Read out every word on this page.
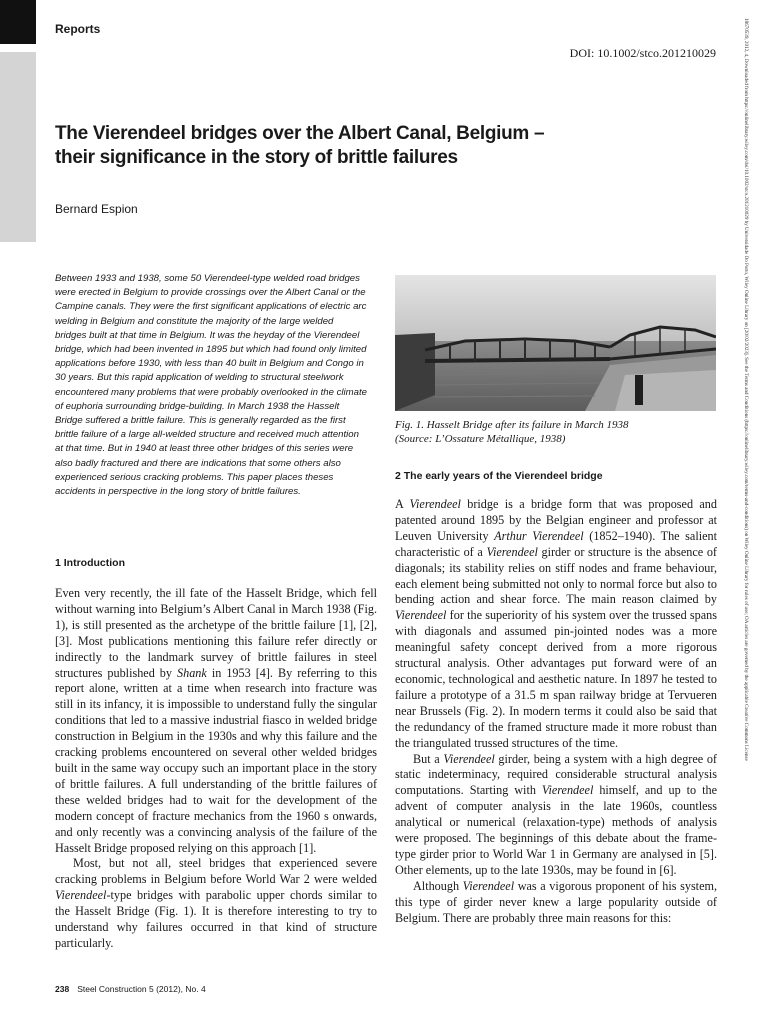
Reports
DOI: 10.1002/stco.201210029
The Vierendeel bridges over the Albert Canal, Belgium –
their significance in the story of brittle failures
Bernard Espion

Between 1933 and 1938, some 50 Vierendeel-type welded road bridges were erected in Belgium to provide crossings over the Albert Canal or the Campine canals. They were the first significant applications of electric arc welding in Belgium and constitute the majority of the large welded bridges built at that time in Belgium. It was the heyday of the Vierendeel bridge, which had been invented in 1895 but which had found only limited applications before 1930, with less than 40 built in Belgium and Congo in 30 years. But this rapid application of welding to structural steelwork encountered many problems that were probably overlooked in the climate of euphoria surrounding bridge-building. In March 1938 the Hasselt Bridge suffered a brittle failure. This is generally regarded as the first brittle failure of a large all-welded structure and received much attention at that time. But in 1940 at least three other bridges of this series were also badly fractured and there are indications that some others also experienced serious cracking problems. This paper places theses accidents in perspective in the long story of brittle failures.

1 Introduction

Even very recently, the ill fate of the Hasselt Bridge, which fell without warning into Belgium’s Albert Canal in March 1938 (Fig. 1), is still presented as the archetype of the brittle failure [1], [2], [3]. Most publications mentioning this failure refer directly or indirectly to the landmark survey of brittle failures in steel structures published by Shank in 1953 [4]. By referring to this report alone, written at a time when research into fracture was still in its infancy, it is impossible to understand fully the singular conditions that led to a massive industrial fiasco in welded bridge construction in Belgium in the 1930s and why this failure and the cracking problems encountered on several other welded bridges built in the same way occupy such an important place in the story of brittle failures. A full understanding of the brittle failures of these welded bridges had to wait for the development of the modern concept of fracture mechanics from the 1960 s onwards, and only recently was a convincing analysis of the failure of the Hasselt Bridge proposed relying on this approach [1].

Most, but not all, steel bridges that experienced severe cracking problems in Belgium before World War 2 were welded Vierendeel-type bridges with parabolic upper chords similar to the Hasselt Bridge (Fig. 1). It is therefore interesting to try to understand why failures occurred in that kind of structure particularly.

Fig. 1. Hasselt Bridge after its failure in March 1938
(Source: L’Ossature Métallique, 1938)
2 The early years of the Vierendeel bridge

A Vierendeel bridge is a bridge form that was proposed and patented around 1895 by the Belgian engineer and professor at Leuven University Arthur Vierendeel (1852–1940). The salient characteristic of a Vierendeel girder or structure is the absence of diagonals; its stability relies on stiff nodes and frame behaviour, each element being submitted not only to normal force but also to bending action and shear force. The main reason claimed by Vierendeel for the superiority of his system over the trussed spans with diagonals and assumed pin-jointed nodes was a more meaningful safety concept derived from a more rigorous structural analysis. Other advantages put forward were of an economic, technological and aesthetic nature. In 1897 he tested to failure a prototype of a 31.5 m span railway bridge at Tervueren near Brussels (Fig. 2). In modern terms it could also be said that the redundancy of the framed structure made it more robust than the triangulated trussed structures of the time.

But a Vierendeel girder, being a system with a high degree of static indeterminacy, required considerable structural analysis computations. Starting with Vierendeel himself, and up to the advent of computer analysis in the late 1960s, countless analytical or numerical (relaxation-type) methods of analysis were proposed. The beginnings of this debate about the frame-type girder prior to World War 1 in Germany are analysed in [5]. Other elements, up to the late 1930s, may be found in [6].

Although Vierendeel was a vigorous proponent of his system, this type of girder never knew a large popularity outside of Belgium. There are probably three main reasons for this:

238 Steel Construction 5 (2012), No. 4
18670539, 2012, 4, Downloaded from https://onlinelibrary.wiley.com/doi/10.1002/stco.201210029 by Universidade Do Porto, Wiley Online Library on [20/02/2023]. See the Terms and Conditions (https://onlinelibrary.wiley.com/terms-and-conditions) on Wiley Online Library for rules of use; OA articles are governed by the applicable Creative Commons License
